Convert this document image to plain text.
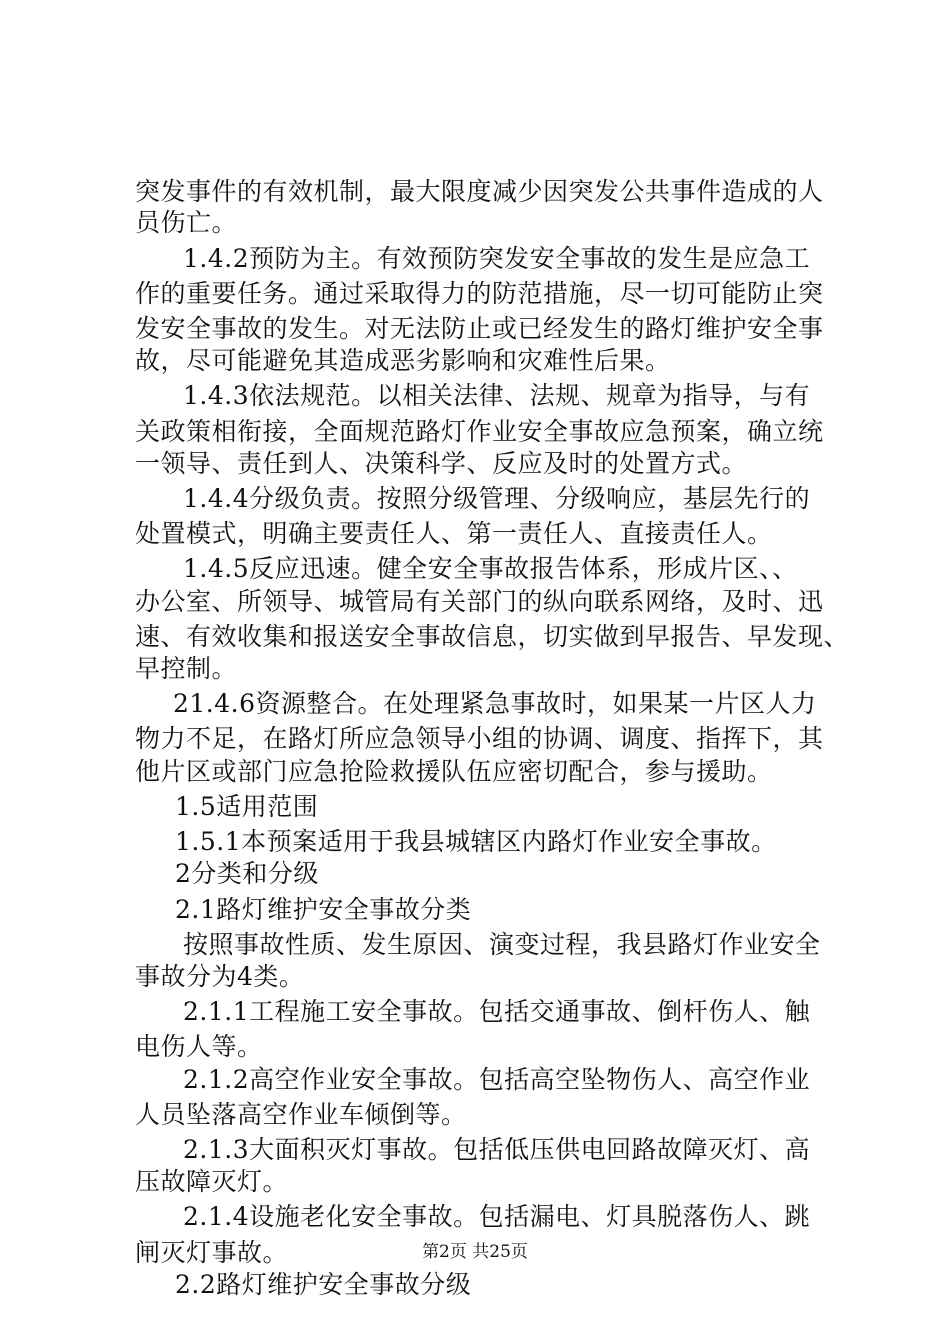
突发事件的有效机制，最大限度减少因突发公共事件造成的人
员伤亡。
1.4.2预防为主。有效预防突发安全事故的发生是应急工
作的重要任务。通过采取得力的防范措施，尽一切可能防止突
发安全事故的发生。对无法防止或已经发生的路灯维护安全事
故，尽可能避免其造成恶劣影响和灾难性后果。
1.4.3依法规范。以相关法律、法规、规章为指导，与有
关政策相衔接，全面规范路灯作业安全事故应急预案，确立统
一领导、责任到人、决策科学、反应及时的处置方式。
1.4.4分级负责。按照分级管理、分级响应，基层先行的
处置模式，明确主要责任人、第一责任人、直接责任人。
1.4.5反应迅速。健全安全事故报告体系，形成片区、、
办公室、所领导、城管局有关部门的纵向联系网络，及时、迅
速、有效收集和报送安全事故信息，切实做到早报告、早发现、
早控制。
21.4.6资源整合。在处理紧急事故时，如果某一片区人力
物力不足，在路灯所应急领导小组的协调、调度、指挥下，其
他片区或部门应急抢险救援队伍应密切配合，参与援助。
1.5适用范围
1.5.1本预案适用于我县城辖区内路灯作业安全事故。
2分类和分级
2.1路灯维护安全事故分类
按照事故性质、发生原因、演变过程，我县路灯作业安全
事故分为4类。
2.1.1工程施工安全事故。包括交通事故、倒杆伤人、触
电伤人等。
2.1.2高空作业安全事故。包括高空坠物伤人、高空作业
人员坠落高空作业车倾倒等。
2.1.3大面积灭灯事故。包括低压供电回路故障灭灯、高
压故障灭灯。
2.1.4设施老化安全事故。包括漏电、灯具脱落伤人、跳
闸灭灯事故。
2.2路灯维护安全事故分级
第2页 共25页
